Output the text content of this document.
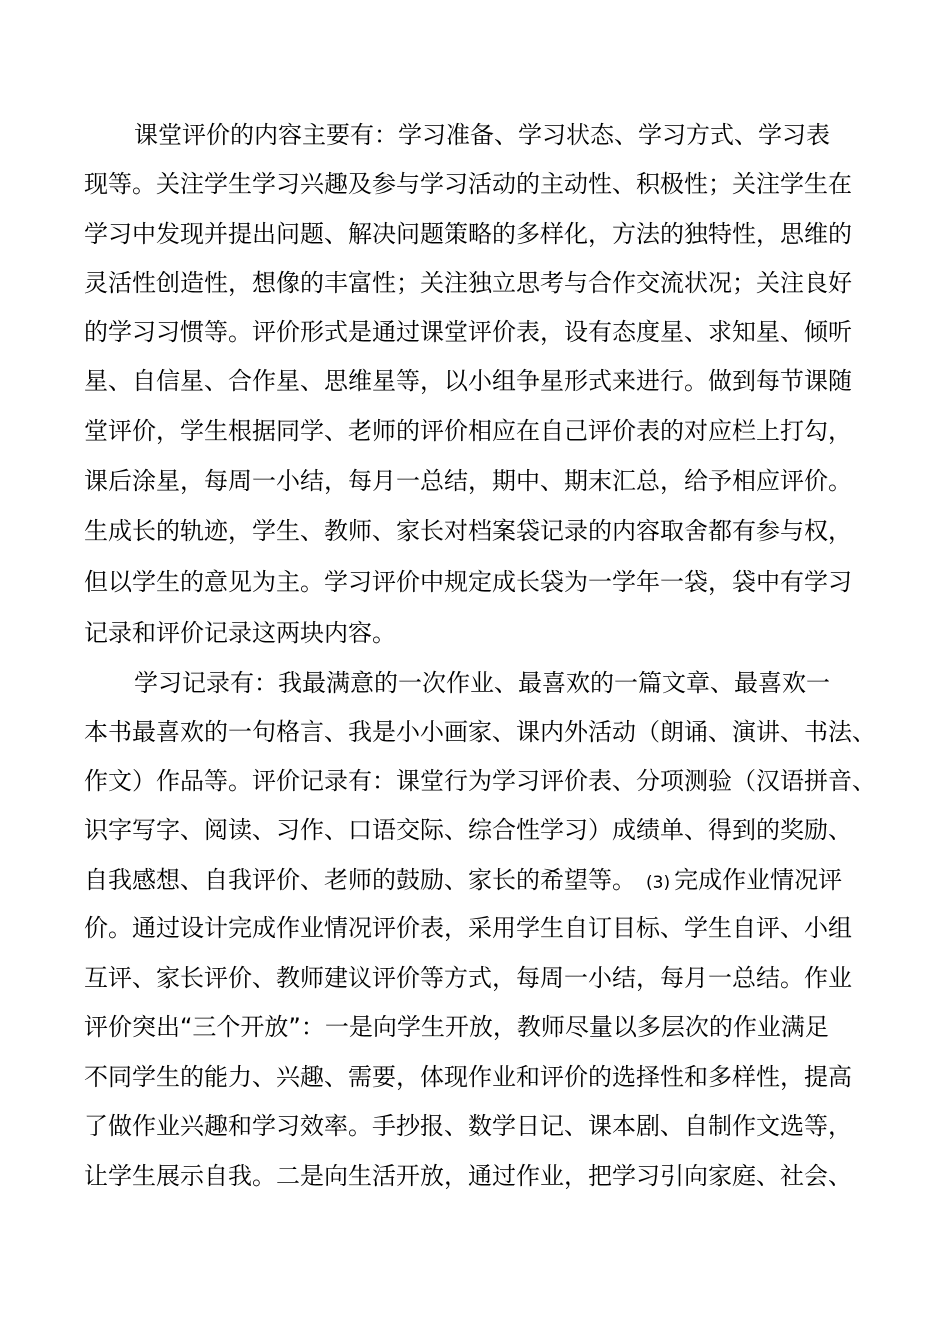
课堂评价的内容主要有：学习准备、学习状态、学习方式、学习表
现等。关注学生学习兴趣及参与学习活动的主动性、积极性；关注学生在
学习中发现并提出问题、解决问题策略的多样化，方法的独特性，思维的
灵活性创造性，想像的丰富性；关注独立思考与合作交流状况；关注良好
的学习习惯等。评价形式是通过课堂评价表，设有态度星、求知星、倾听
星、自信星、合作星、思维星等，以小组争星形式来进行。做到每节课随
堂评价，学生根据同学、老师的评价相应在自己评价表的对应栏上打勾，
课后涂星，每周一小结，每月一总结，期中、期末汇总，给予相应评价。
生成长的轨迹，学生、教师、家长对档案袋记录的内容取舍都有参与权，
但以学生的意见为主。学习评价中规定成长袋为一学年一袋，袋中有学习
记录和评价记录这两块内容。
学习记录有：我最满意的一次作业、最喜欢的一篇文章、最喜欢一
本书最喜欢的一句格言、我是小小画家、课内外活动（朗诵、演讲、书法、
作文）作品等。评价记录有：课堂行为学习评价表、分项测验（汉语拼音、
识字写字、阅读、习作、口语交际、综合性学习）成绩单、得到的奖励、
自我感想、自我评价、老师的鼓励、家长的希望等。 (3) 完成作业情况评
价。通过设计完成作业情况评价表，采用学生自订目标、学生自评、小组
互评、家长评价、教师建议评价等方式，每周一小结，每月一总结。作业
评价突出“三个开放”：一是向学生开放，教师尽量以多层次的作业满足
不同学生的能力、兴趣、需要，体现作业和评价的选择性和多样性，提高
了做作业兴趣和学习效率。手抄报、数学日记、课本剧、自制作文选等，
让学生展示自我。二是向生活开放，通过作业，把学习引向家庭、社会、
